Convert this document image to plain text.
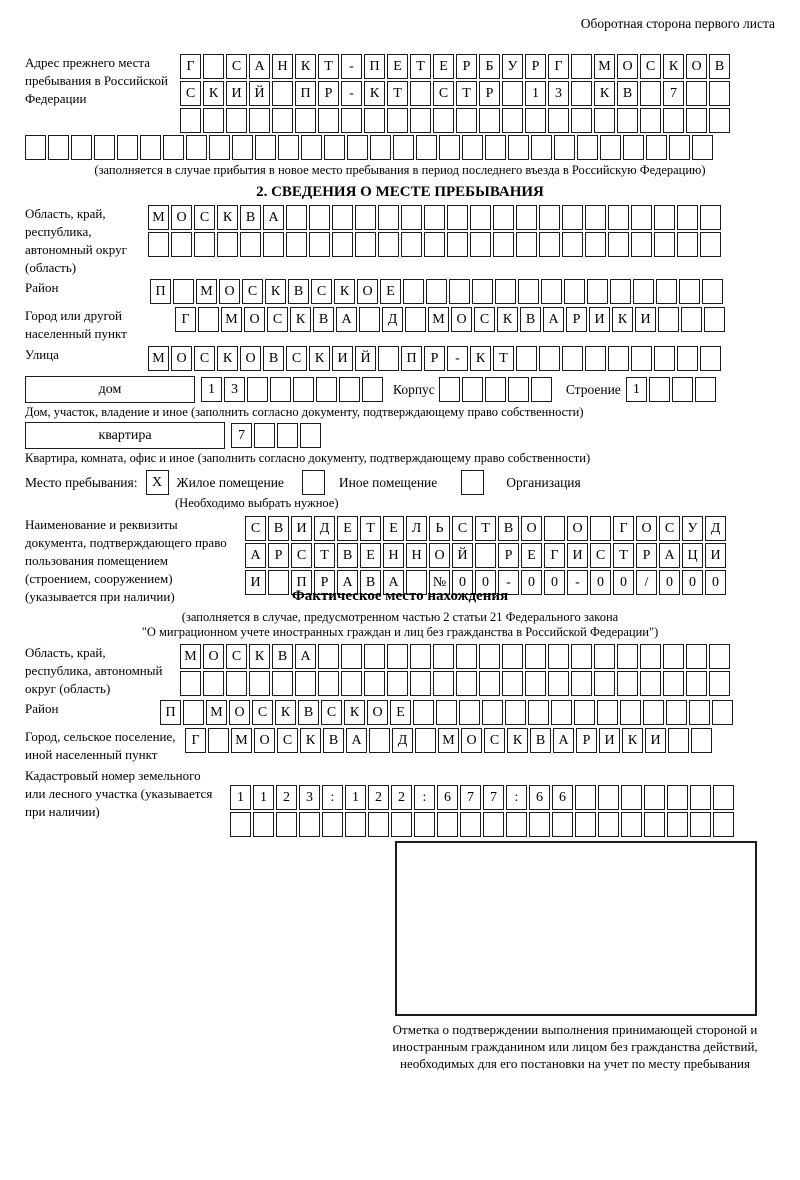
Оборотная сторона первого листа
Адрес прежнего места пребывания в Российской Федерации
Г	С А Н К	Т	-	П Е	Т	Е	Р	Б	У	Р	Г	М О С К О В
С К И Й	П	Р	-	К	Т	С	Т	Р	1	3	К В	7
(заполняется в случае прибытия в новое место пребывания в период последнего въезда в Российскую Федерацию)
2. СВЕДЕНИЯ О МЕСТЕ ПРЕБЫВАНИЯ
Область, край, республика, автономный округ (область)
М О С К В А
Район	П	М О С К В С К О Е
Город или другой населенный пункт
Г	М О С К В А	Д	М О С К В А	Р	И К И
Улица	М О С К О В С К И Й	П	Р	-	К	Т
дом	1	3	Корпус	Строение 1
Дом, участок, владение и иное (заполнить согласно документу, подтверждающему право собственности)
квартира	7
Квартира, комната, офис и иное (заполнить согласно документу, подтверждающему право собственности)
Место пребывания:	X	Жилое помещение	Иное помещение	Организация
(Необходимо выбрать нужное)
Наименование и реквизиты документа, подтверждающего право пользования помещением (строением, сооружением) (указывается при наличии)
С В И Д Е	Т	Е Л	Ь	С	Т	В О	О	Г О С У Д
А	Р	С	Т	В	Е Н Н О Й	Р	Е	Г И С	Т	Р	А Ц И
И	П	Р	А В А	№ 0	0	-	0	0	-	0	0	/	0	0	0
Фактическое место нахождения
(заполняется в случае, предусмотренном частью 2 статьи 21 Федерального закона
"О миграционном учете иностранных граждан и лиц без гражданства в Российской Федерации")
Область, край, республика, автономный округ (область)
М О С К В А
Район	П	М О С К В С К О Е
Город, сельское поселение, иной населенный пункт
Г	М О С К В А	Д	М О С К В А	Р	И К И
Кадастровый номер земельного или лесного участка (указывается при наличии)
1	1	2	3	:	1	2	2	:	6	7	7	:	6	6
Отметка о подтверждении выполнения принимающей стороной и иностранным гражданином или лицом без гражданства действий, необходимых для его постановки на учет по месту пребывания
